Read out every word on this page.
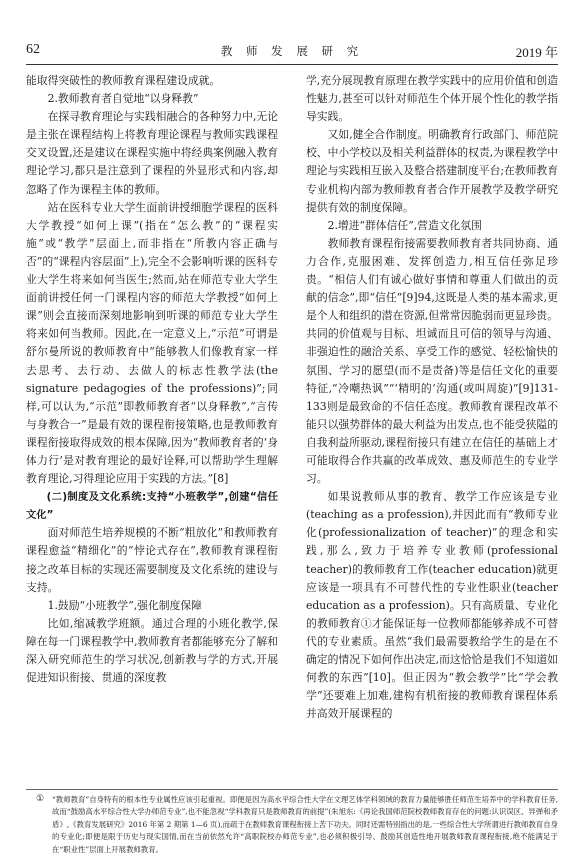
62	教 师 发 展 研 究	2019 年

能取得突破性的教师教育课程建设成就。

2.教师教育者自觉地“以身释教”

在探寻教育理论与实践相融合的各种努力中,无论是主张在课程结构上将教育理论课程与教师实践课程交叉设置,还是建议在课程实施中将经典案例融入教育理论学习,都只是注意到了课程的外显形式和内容,却忽略了作为课程主体的教师。

站在医科专业大学生面前讲授细胞学课程的医科大学教授“如何上课”(指在“怎么教”的“课程实施”或“教学”层面上,而非指在“所教内容正确与否”的“课程内容层面”上),完全不会影响听课的医科专业大学生将来如何当医生;然而,站在师范专业大学生面前讲授任何一门课程内容的师范大学教授“如何上课”则会直接而深刻地影响到听课的师范专业大学生将来如何当教师。因此,在一定意义上,“示范”可谓是舒尔曼所说的教师教育中“能够教人们像教育家一样去思考、去行动、去做人的标志性教学法(the signature pedagogies of the professions)”;同样,可以认为,“示范”即教师教育者“以身释教”,“言传与身教合一”是最有效的课程衔接策略,也是教师教育课程衔接取得成效的根本保障,因为“教师教育者的‘身体力行’是对教育理论的最好诠释,可以帮助学生理解教育理论,习得理论应用于实践的方法。”[8]

(二)制度及文化系统:支持“小班教学”,创建“信任文化”

面对师范生培养规模的不断“粗放化”和教师教育课程愈益“精细化”的“悖论式存在”,教师教育课程衔接之改革目标的实现还需要制度及文化系统的建设与支持。

1.鼓励“小班教学”,强化制度保障

比如,缩减教学班额。通过合理的小班化教学,保障在每一门课程教学中,教师教育者都能够充分了解和深入研究师范生的学习状况,创新教与学的方式,开展促进知识衔接、贯通的深度教

学,充分展现教育原理在教学实践中的应用价值和创造性魅力,甚至可以针对师范生个体开展个性化的教学指导实践。

又如,健全合作制度。明确教育行政部门、师范院校、中小学校以及相关利益群体的权责,为课程教学中理论与实践相互嵌入及整合搭建制度平台;在教师教育专业机构内部为教师教育者合作开展教学及教学研究提供有效的制度保障。

2.增进“群体信任”,营造文化氛围

教师教育课程衔接需要教师教育者共同协商、通力合作,克服困难、发挥创造力,相互信任弥足珍贵。“相信人们有诚心做好事情和尊重人们做出的贡献的信念”,即“信任”[9]94,这既是人类的基本需求,更是个人和组织的潜在资源,但常常因脆弱而更显珍贵。共同的价值观与目标、坦诚而且可信的领导与沟通、非强迫性的融洽关系、享受工作的感觉、轻松愉快的氛围、学习的愿望(而不是责备)等是信任文化的重要特征,“冷嘲热讽”“‘精明的’沟通(或叫周旋)”[9]131-133则是最致命的不信任态度。教师教育课程改革不能只以强势群体的最大利益为出发点,也不能受狭隘的自我利益所驱动,课程衔接只有建立在信任的基础上才可能取得合作共赢的改革成效、惠及师范生的专业学习。

如果说教师从事的教育、教学工作应该是专业(teaching as a profession),并因此而有“教师专业化(professionalization of teacher)”的理念和实践,那么,致力于培养专业教师(professional teacher)的教师教育工作(teacher education)就更应该是一项具有不可替代性的专业性职业(teacher education as a profession)。只有高质量、专业化的教师教育①才能保证每一位教师都能够养成不可替代的专业素质。虽然“我们最需要教给学生的是在不确定的情况下如何作出决定,而这恰恰是我们不知道如何教的东西”[10]。但正因为“教会教学”比“学会教学”还要难上加难,建构有机衔接的教师教育课程体系并高效开展课程的

① “教师教育”自身特有的根本性专业属性应该引起重视。即便是因为高水平综合性大学在文理艺体学科领域的教育力量能够胜任师范生培养中的学科教育任务,故而“鼓励高水平综合性大学办师范专业”,也不能忽视“学科教育只是教师教育的前提”(朱旭东:《再论我国师范院校教师教育存在的问题:认识误区、异弹和矛盾》,《教育发展研究》2016 年第 2 期第 1—6 页),而疏于在教师教育课程衔接上苦下功夫。同时还需特别指出的是,一些综合性大学所谓进行教师教育自身的专业化;即便是限于历史与现实国情,而在当前依然允许“高职院校办师范专业”,也必须积极引导、鼓励其创造性地开展教师教育课程衔接,绝不能满足于在“职业性”层面上开展教师教育。
